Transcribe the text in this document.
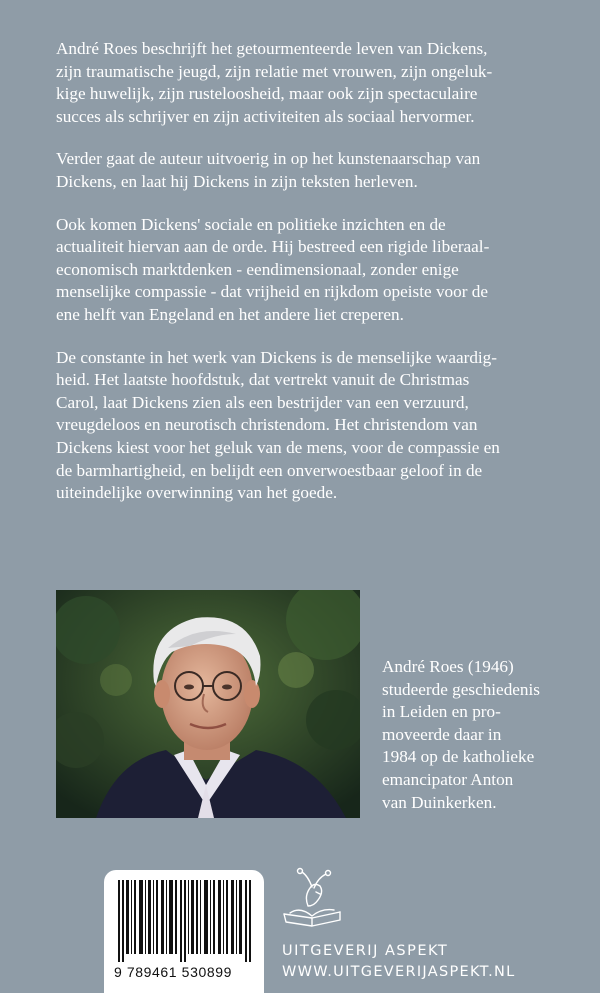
André Roes beschrijft het getourmenteerde leven van Dickens,
zijn traumatische jeugd, zijn relatie met vrouwen, zijn ongeluk-
kige huwelijk, zijn rusteloosheid, maar ook zijn spectaculaire
succes als schrijver en zijn activiteiten als sociaal hervormer.

Verder gaat de auteur uitvoerig in op het kunstenaarschap van
Dickens, en laat hij Dickens in zijn teksten herleven.

Ook komen Dickens' sociale en politieke inzichten en de
actualiteit hiervan aan de orde. Hij bestreed een rigide liberaal-
economisch marktdenken - eendimensionaal, zonder enige
menselijke compassie - dat vrijheid en rijkdom opeiste voor de
ene helft van Engeland en het andere liet creperen.

De constante in het werk van Dickens is de menselijke waardig-
heid. Het laatste hoofdstuk, dat vertrekt vanuit de Christmas
Carol, laat Dickens zien als een bestrijder van een verzuurd,
vreugdeloos en neurotisch christendom. Het christendom van
Dickens kiest voor het geluk van de mens, voor de compassie en
de barmhartigheid, en belijdt een onverwoestbaar geloof in de
uiteindelijke overwinning van het goede.

André Roes (1946)
studeerde geschiedenis
in Leiden en pro-
moveerde daar in
1984 op de katholieke
emancipator Anton
van Duinkerken.
9 789461 530899
UITGEVERIJ ASPEKT
WWW.UITGEVERIJASPEKT.NL
